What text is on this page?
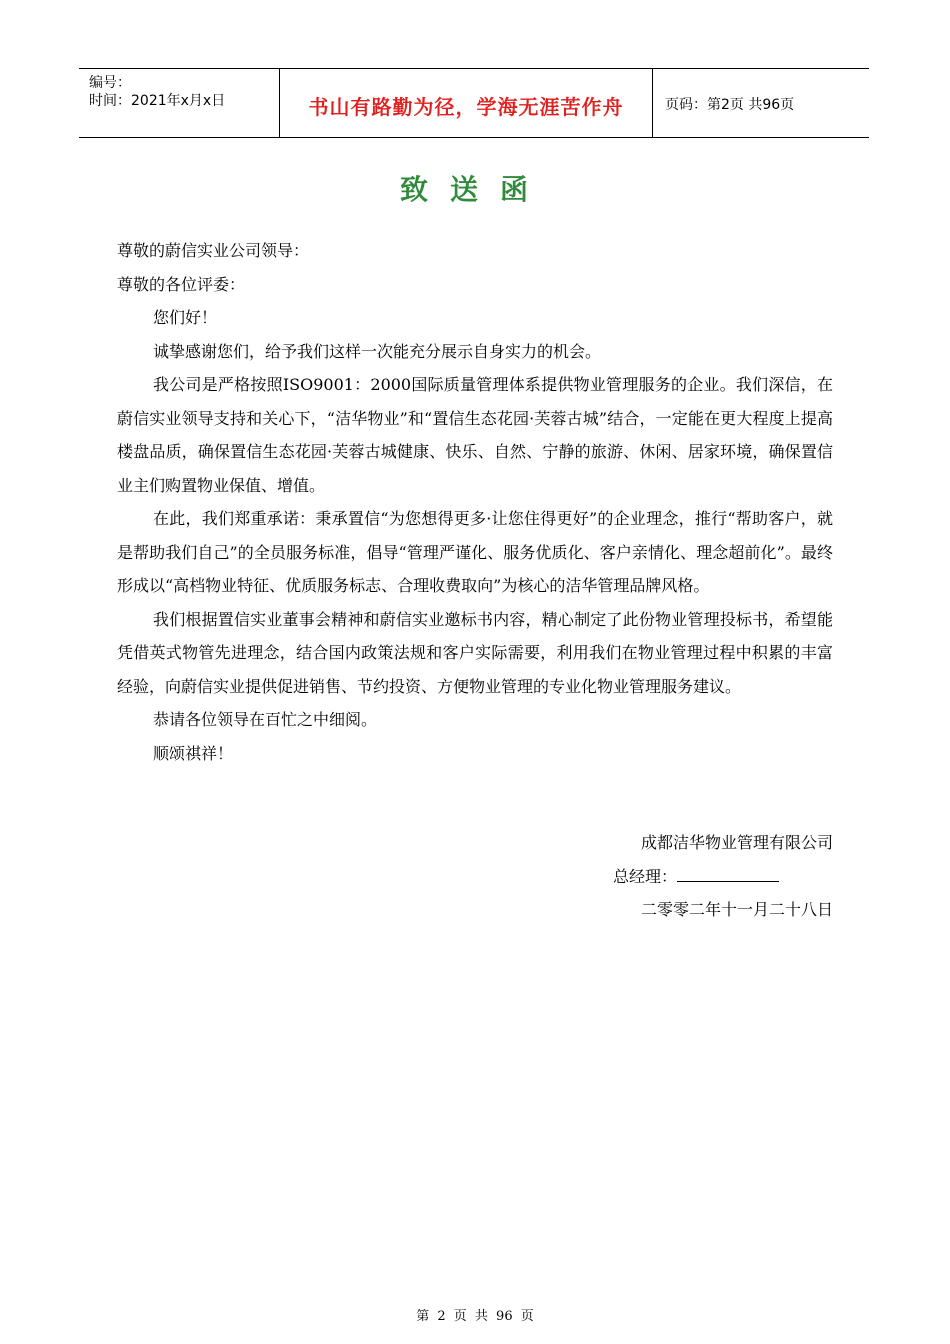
编号：
时间：2021年x月x日	书山有路勤为径，学海无涯苦作舟	页码：第2页 共96页
致送函

尊敬的蔚信实业公司领导：

尊敬的各位评委：

您们好！

诚挚感谢您们，给予我们这样一次能充分展示自身实力的机会。

我公司是严格按照ISO9001：2000国际质量管理体系提供物业管理服务的企业。我们深信，在蔚信实业领导支持和关心下，“洁华物业”和“置信生态花园·芙蓉古城”结合，一定能在更大程度上提高楼盘品质，确保置信生态花园·芙蓉古城健康、快乐、自然、宁静的旅游、休闲、居家环境，确保置信业主们购置物业保值、增值。

在此，我们郑重承诺：秉承置信“为您想得更多·让您住得更好”的企业理念，推行“帮助客户，就是帮助我们自己”的全员服务标准，倡导“管理严谨化、服务优质化、客户亲情化、理念超前化”。最终形成以“高档物业特征、优质服务标志、合理收费取向”为核心的洁华管理品牌风格。

我们根据置信实业董事会精神和蔚信实业邀标书内容，精心制定了此份物业管理投标书，希望能凭借英式物管先进理念，结合国内政策法规和客户实际需要，利用我们在物业管理过程中积累的丰富经验，向蔚信实业提供促进销售、节约投资、方便物业管理的专业化物业管理服务建议。

恭请各位领导在百忙之中细阅。

顺颂祺祥！

成都洁华物业管理有限公司
总经理：
二零零二年十一月二十八日
第 2 页 共 96 页
